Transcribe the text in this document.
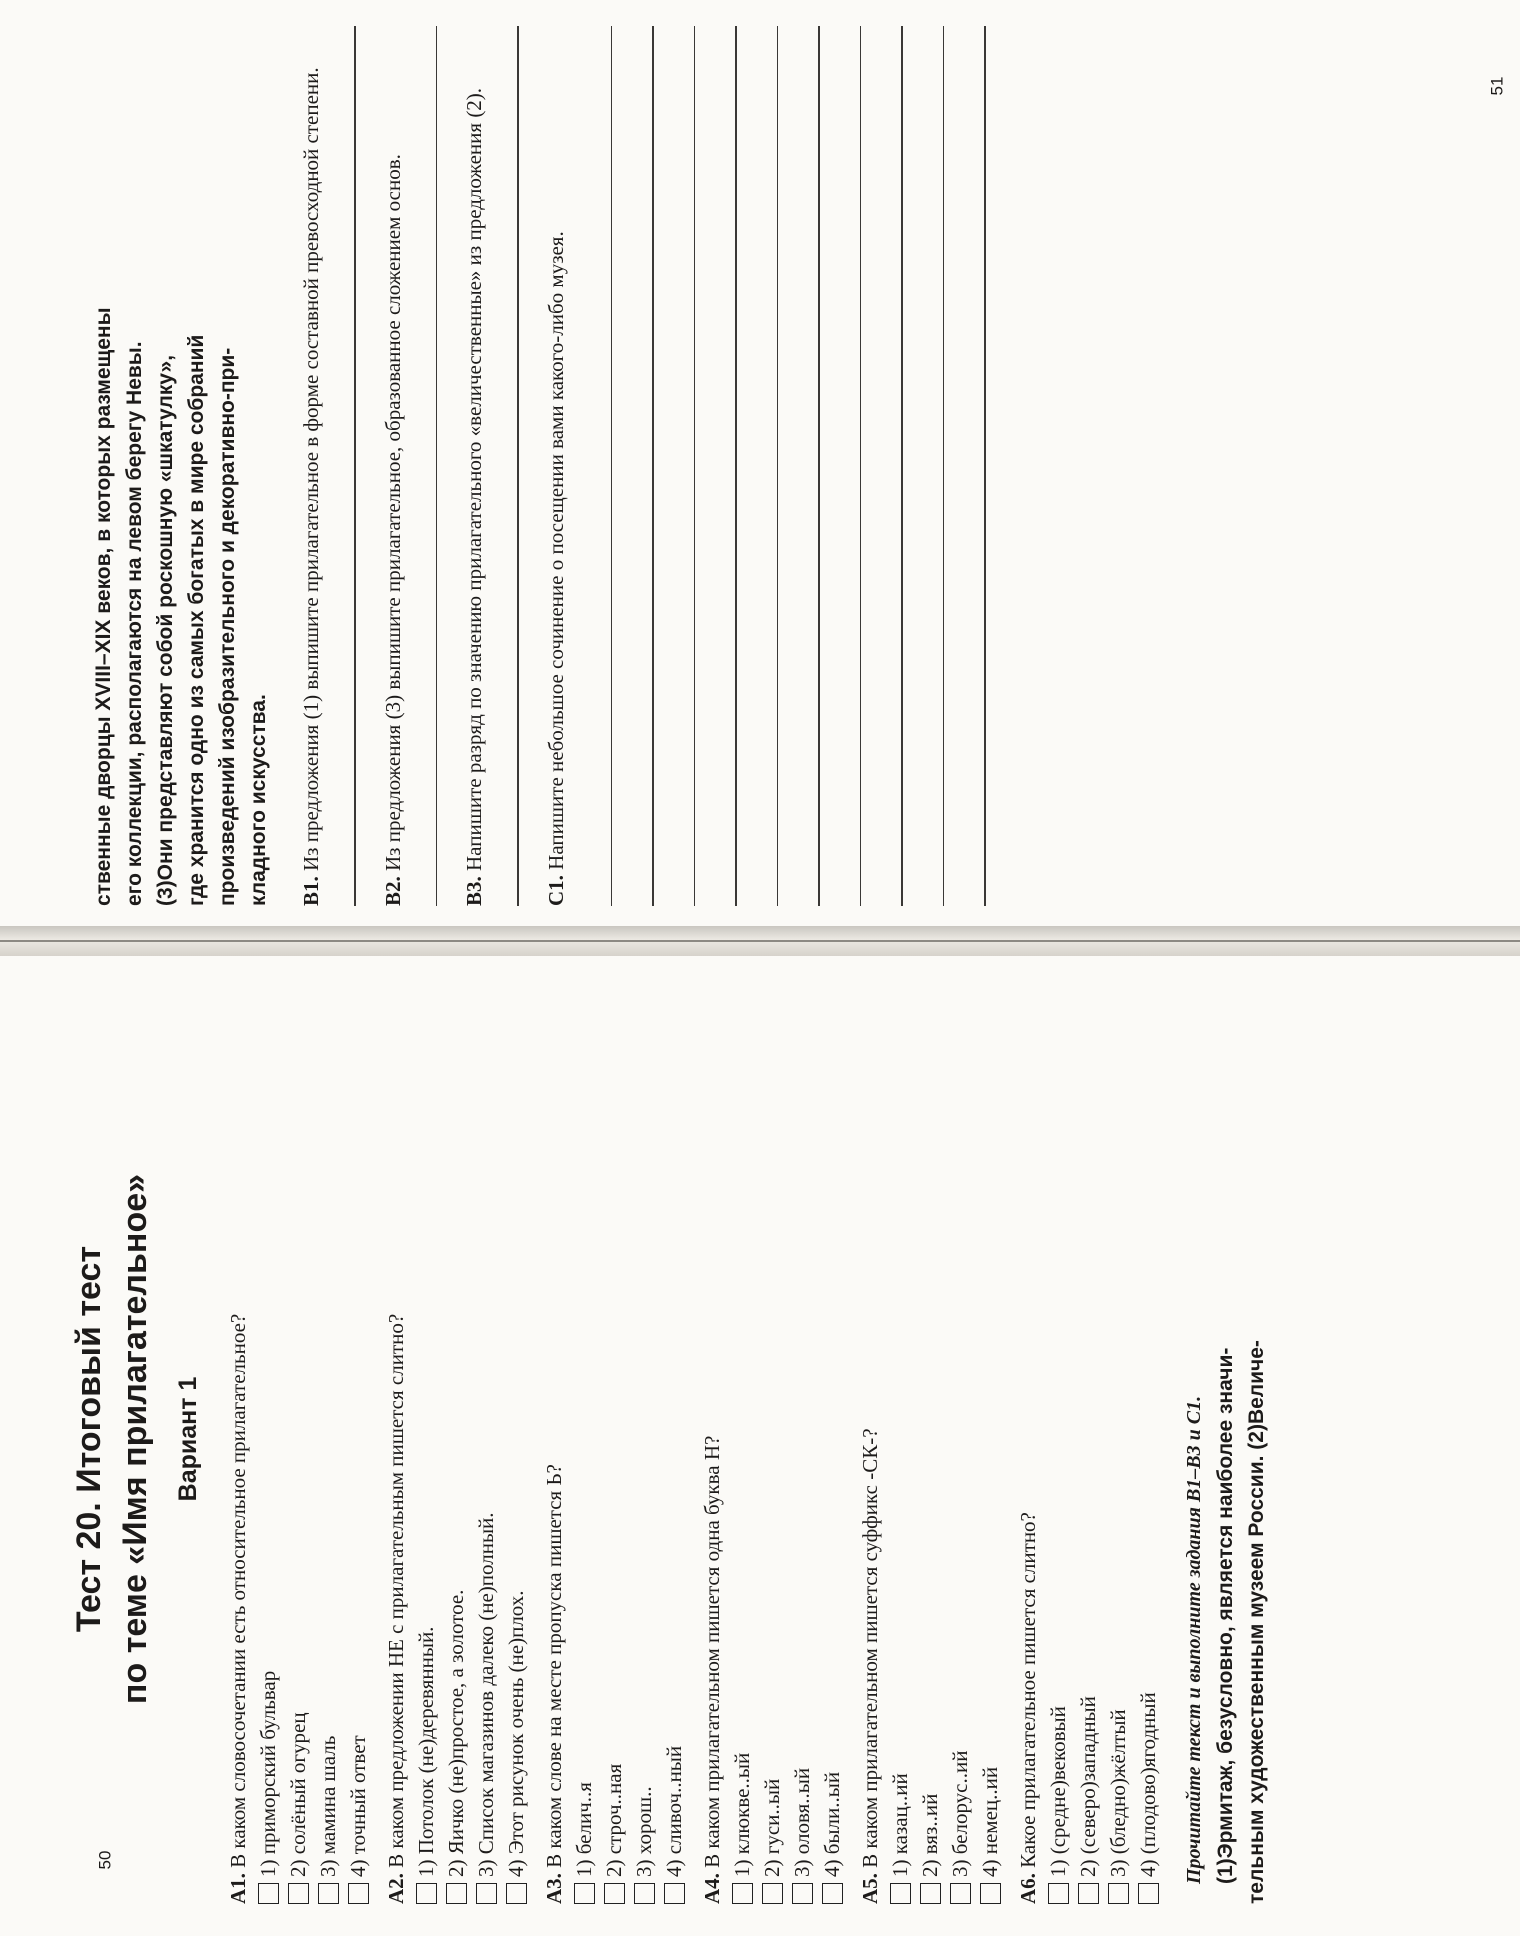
Тест 20. Итоговый тест по теме «Имя прилагательное» Вариант 1

А1. В каком словосочетании есть относительное прилагательное? 1) приморский бульвар 2) солёный огурец 3) мамина шаль 4) точный ответ

А2. В каком предложении НЕ с прилагательным пишется слитно? 1) Потолок (не)деревянный. 2) Яичко (не)простое, а золотое. 3) Список магазинов далеко (не)полный. 4) Этот рисунок очень (не)плох.

А3. В каком слове на месте пропуска пишется Ь? 1) белич..я 2) строч..ная 3) хорош.. 4) сливоч..ный

А4. В каком прилагательном пишется одна буква Н? 1) клюкве..ый 2) гуси..ый 3) оловя..ый 4) были..ый

А5. В каком прилагательном пишется суффикс -СК-? 1) казац..ий 2) вяз..ий 3) белорус..ий 4) немец..ий

А6. Какое прилагательное пишется слитно? 1) (средне)вековый 2) (северо)западный 3) (бледно)жёлтый 4) (плодово)ягодный Прочитайте текст и выполните задания В1–В3 и С1. (1)Эрмитаж, безусловно, является наиболее значи- тельным художественным музеем России. (2)Величе-

50

ственные дворцы XVIII–XIX веков, в которых размещены его коллекции, располагаются на левом берегу Невы. (3)Они представляют собой роскошную «шкатулку», где хранится одно из самых богатых в мире собраний произведений изобразительного и декоративно-при- кладного искусства. В1. Из предложения (1) выпишите прилагательное в форме составной превосходной степени.

В2. Из предложения (3) выпишите прилагательное, образованное сложением основ.

В3. Напишите разряд по значению прилагательного «величественные» из предложения (2).

С1. Напишите небольшое сочинение о посещении вами какого-либо музея.

51
